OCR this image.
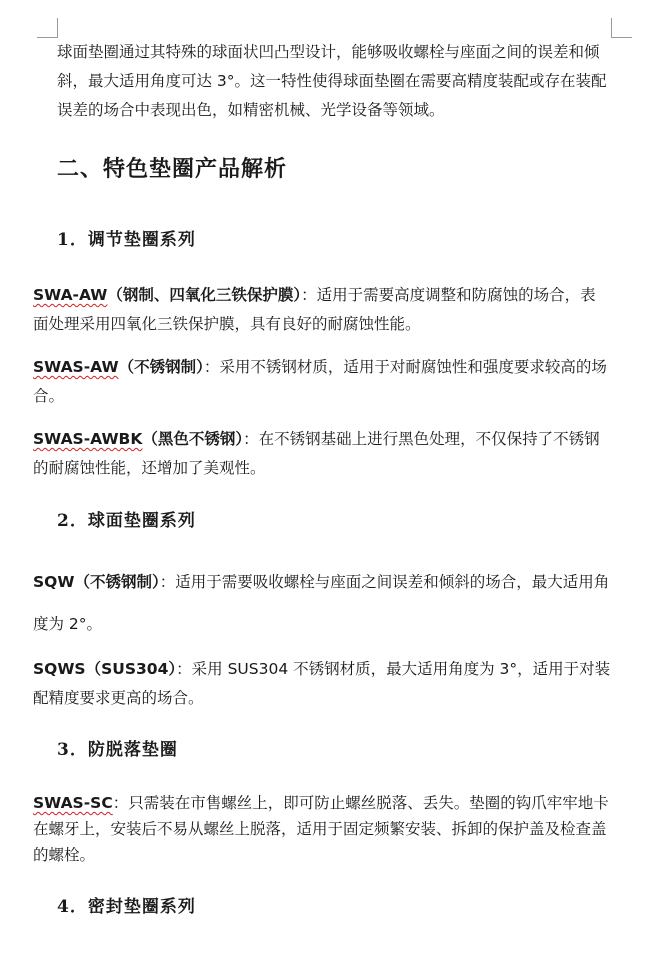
球面垫圈通过其特殊的球面状凹凸型设计，能够吸收螺栓与座面之间的误差和倾斜，最大适用角度可达 3°。这一特性使得球面垫圈在需要高精度装配或存在装配误差的场合中表现出色，如精密机械、光学设备等领域。
二、特色垫圈产品解析
1．调节垫圈系列
SWA-AW（钢制、四氧化三铁保护膜）：适用于需要高度调整和防腐蚀的场合，表面处理采用四氧化三铁保护膜，具有良好的耐腐蚀性能。
SWAS-AW（不锈钢制）：采用不锈钢材质，适用于对耐腐蚀性和强度要求较高的场合。
SWAS-AWBK（黑色不锈钢）：在不锈钢基础上进行黑色处理，不仅保持了不锈钢的耐腐蚀性能，还增加了美观性。
2．球面垫圈系列
SQW（不锈钢制）：适用于需要吸收螺栓与座面之间误差和倾斜的场合，最大适用角度为 2°。
SQWS（SUS304）：采用 SUS304 不锈钢材质，最大适用角度为 3°，适用于对装配精度要求更高的场合。
3．防脱落垫圈
SWAS-SC：只需装在市售螺丝上，即可防止螺丝脱落、丢失。垫圈的钩爪牢牢地卡在螺牙上，安装后不易从螺丝上脱落，适用于固定频繁安装、拆卸的保护盖及检查盖的螺栓。
4．密封垫圈系列
